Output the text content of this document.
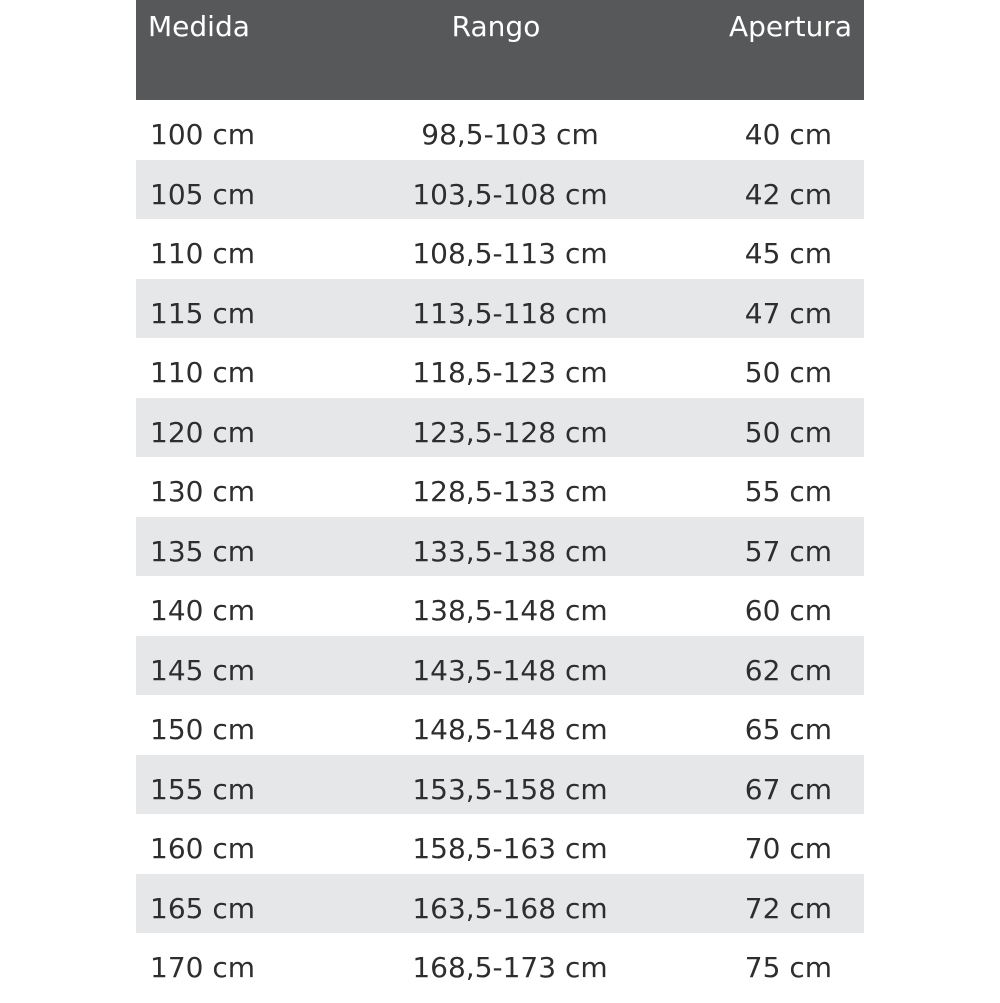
Medida	Rango	Apertura
100 cm	98,5-103 cm	40 cm
105 cm	103,5-108 cm	42 cm
110 cm	108,5-113 cm	45 cm
115 cm	113,5-118 cm	47 cm
110 cm	118,5-123 cm	50 cm
120 cm	123,5-128 cm	50 cm
130 cm	128,5-133 cm	55 cm
135 cm	133,5-138 cm	57 cm
140 cm	138,5-148 cm	60 cm
145 cm	143,5-148 cm	62 cm
150 cm	148,5-148 cm	65 cm
155 cm	153,5-158 cm	67 cm
160 cm	158,5-163 cm	70 cm
165 cm	163,5-168 cm	72 cm
170 cm	168,5-173 cm	75 cm
